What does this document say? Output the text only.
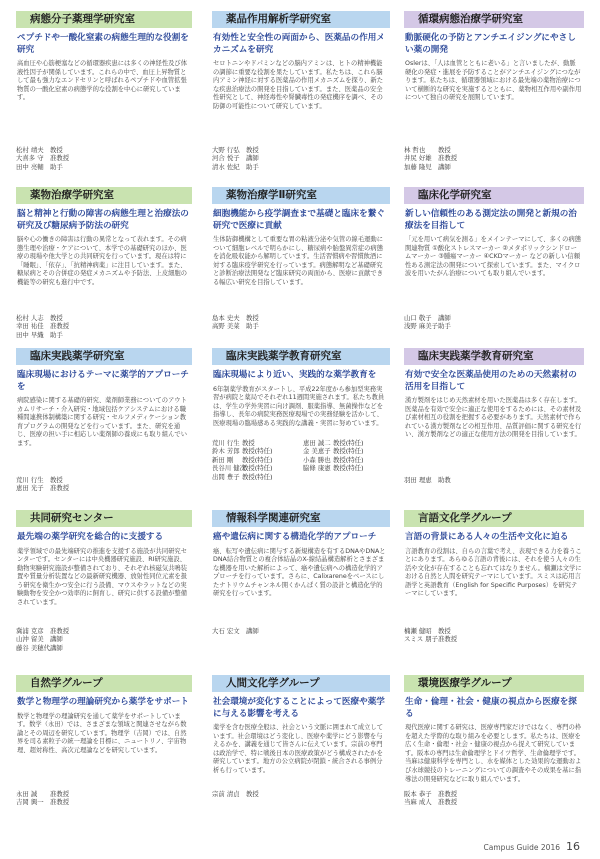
病態分子薬理学研究室
ペプチドや一酸化窒素の病態生理的な役割を研究
高血圧や心筋梗塞などの循環器疾患には多くの神経性及び体液性因子が関係しています。これらの中で、血圧上昇物質として最も強力なエンドセリンと呼ばれるペプチドや血管拡張物質の一酸化窒素の病態学的な役割を中心に研究しています。
松村 靖夫 教授
大喜多 守 准教授
田中 亮輔 助手
薬品作用解析学研究室
有効性と安全性の両面から、医薬品の作用メカニズムを研究
セロトニンやドパミンなどの脳内アミンは、ヒトの精神機能の調節に重要な役割を果たしています。私たちは、これら脳内アミン神経に対する医薬品の作用メカニズムを探り、新たな疾患治療法の開発を目指しています。また、医薬品の安全性研究として、神経毒性や腎臓毒性の発症機序を調べ、その防御の可能性について研究しています。
大野 行弘 教授
河合 悦子 講師
清水 佐紀 助手
循環病態治療学研究室
動脈硬化の予防とアンチエイジングにやさしい薬の開発
Oslerは、「人は血管とともに老いる」と言いましたが、動脈硬化の発症・進展を予防することがアンチエイジングにつながります。私たちは、循環器領域における最先端の薬物治療について横断的な研究を実施するとともに、薬物相互作用や副作用について独自の研究を展開しています。
林 哲也 教授
井尻 好雄 准教授
加藤 隆児 講師
薬物治療学研究室
脳と精神と行動の障害の病態生理と治療法の研究及び糖尿病予防法の研究
脳や心の働きの障害は行動の異常となって表れます。その病態生理や治療・ケアについて、本学での基礎研究のほか、医療の現場や他大学との共同研究を行っています。現在は特に「睡眠」、「依存」、「抗精神病薬」に注目しています。また、糖尿病とその合併症の発症メカニズムや予防法、上皮細胞の機能等の研究も進行中です。
松村 人志 教授
幸田 祐佳 准教授
田中 早織 助手
薬物治療学Ⅱ研究室
細胞機能から疫学調査まで基礎と臨床を繋ぐ研究で医療に貢献
生体防御機構として重要な胃の粘液分泌や気管の線毛運動について細胞レベルで明らかにし、糖尿病や胎盤異常症の病態を消化吸収能から解明しています。生活習慣病や習慣飲酒に対する臨床疫学研究を行っています。病態解明など基礎研究と診断治療法開発など臨床研究の両面から、医療に貢献できる幅広い研究を目指しています。
島本 史夫 教授
高野 美菜 助手
臨床化学研究室
新しい信頼性のある測定法の開発と新規の治療法を目指して
「元を用いて病気を測る」をメインテーマにして、多くの病態関連物質 ①酸化ストレスマーカー ②メタボリックシンドロームマーカー ③腫瘍マーカー ④CKDマーカー などの新しい信頼性ある測定法の開発について探索しています。また、マイクロ波を用いたがん治療についても取り組んでいます。
山口 敬子 講師
浅野 麻美子助手
臨床実践薬学研究室
臨床現場におけるテーマに薬学的アプローチを
病院感染に関する基礎的研究、薬剤師業務についてのアウトカムリサーチ・介入研究・地域包括ケアシステムにおける職種間連携体制構築に関する研究・セルフメディケーション教育プログラムの開発などを行っています。また、研究を通じ、医療の担い手に相応しい薬剤師の養成にも取り組んでいます。
荒川 行生 教授
恵田 光子 准教授
臨床実践薬学教育研究室
臨床現場により近い、実践的な薬学教育を
6年制薬学教育がスタートし、平成22年度から参加型実務実習が病院と薬局でそれぞれ11週間実施されます。私たち教員は、学生の学外実習に向け調剤、服薬指導、無菌操作などを指導し、長年の病院実務医療現場での実務経験を活かして、医療現場の臨場感ある実践的な講義・実習に努めています。
荒川 行生 教授	恵田 誠二 教授(特任)
鈴木 芳郎 教授(特任)	金 美恵子 教授(特任)
新田 剛 教授(特任)	小森 勝也 教授(特任)
長谷川 健次教授(特任)	脇條 康憲 教授(特任)
出間 豊子 教授(特任)
臨床実践薬学教育研究室
有効で安全な医薬品使用のための天然素材の活用を目指して
漢方製剤をはじめ天然素材を用いた医薬品は多く存在します。医薬品を有効で安全に適正な使用をするためには、その素材及び素材相互の役割を把握する必要があります。天然素材で作られている漢方製剤などの相互作用、品質評価に関する研究を行い、漢方製剤などの適正な使用方法の開発を目指しています。
羽田 理恵 助教
共同研究センター
最先端の薬学研究を総合的に支援する
薬学領域での最先端研究の推進を支援する施設が共同研究センターです。センターには中央機器研究施設、RI研究施設、動物実験研究施設が整備されており、それぞれ核磁気共鳴装置や質量分析装置などの最新研究機器、放射性同位元素を扱う研究を衛生かつ安全に行う設備、マウスやラットなどの実験動物を安全かつ効率的に飼育し、研究に供する設備が整備されています。
冀浦 克彦 准教授
山沖 留美 講師
藤谷 美穂代講師
情報科学関連研究室
癌や遺伝病に関する構造化学的アプローチ
癌、転写や遺伝病に関与する新規構造を有するDNAやDNAとDNA結合物質との複合体結晶のX-線結晶構造解析とさまざまな機器を用いた解析によって、癌や遺伝病への構造化学的アプローチを行っています。さらに、Calixareneをベースにしたナトリウムチャンネル開くかんぱく質の設計と構造化学的研究を行っています。
大石 宏文 講師
言語文化学グループ
言語の背景にある人々の生活や文化に迫る
言語教育の役割は、自らの言葉で考え、表現できる力を養うことにあります。あらゆる言語の背後には、それを使う人々の生活や文化が存在することも忘れてはなりません。楠瀬は文学における自然と人間を研究テーマにしています。スミスは応用言語学と英語教育（English for Specific Purposes）を研究テーマにしています。
楠瀬 健昭 教授
スミス 朋子准教授
自然学グループ
数学と物理学の理論研究から薬学をサポート
数学と物理学の理論研究を通して薬学をサポートしています。数学（永田）では、さまざまな領域と関連させながら数論とその周辺を研究しています。物理学（吉岡）では、自然界を司る素粒子の統一理論を目標に、ニュートリノ、宇宙物理、超対称性、高次元理論などを研究しています。
永田 誠 准教授
吉岡 興一 准教授
人間文化学グループ
社会環境が変化することによって医療や薬学に与える影響を考える
薬学を含む医療全般は、社会という文脈に囲まれて成立しています。社会環境はどう変化し、医療や薬学にどう影響を与えるかを、講義を通じて皆さんに伝えています。宗前の専門は政治学で、特に戦後日本の医療政策がどう構成されたかを研究しています。地方の公立病院が閉鎖・統合される事例分析も行っています。
宗前 清貞 教授
環境医療学グループ
生命・倫理・社会・健康の視点から医療を探る
現代医療に関する研究は、医療専門家だけではなく、専門の枠を超えた学際的な取り組みを必要とします。私たちは、医療を広く生命・倫理・社会・健康の視点から捉えて研究しています。阪本の専門は生命倫理学とドイツ哲学、生命倫理学です。当麻は健康科学を専門とし、水を媒体とした効果的な運動および水球競技のトレーニングについての調査やその成果を基に指導法の開発研究などに取り組んでいます。
阪本 恭子 准教授
当麻 成人 准教授
Campus Guide 2016 16
